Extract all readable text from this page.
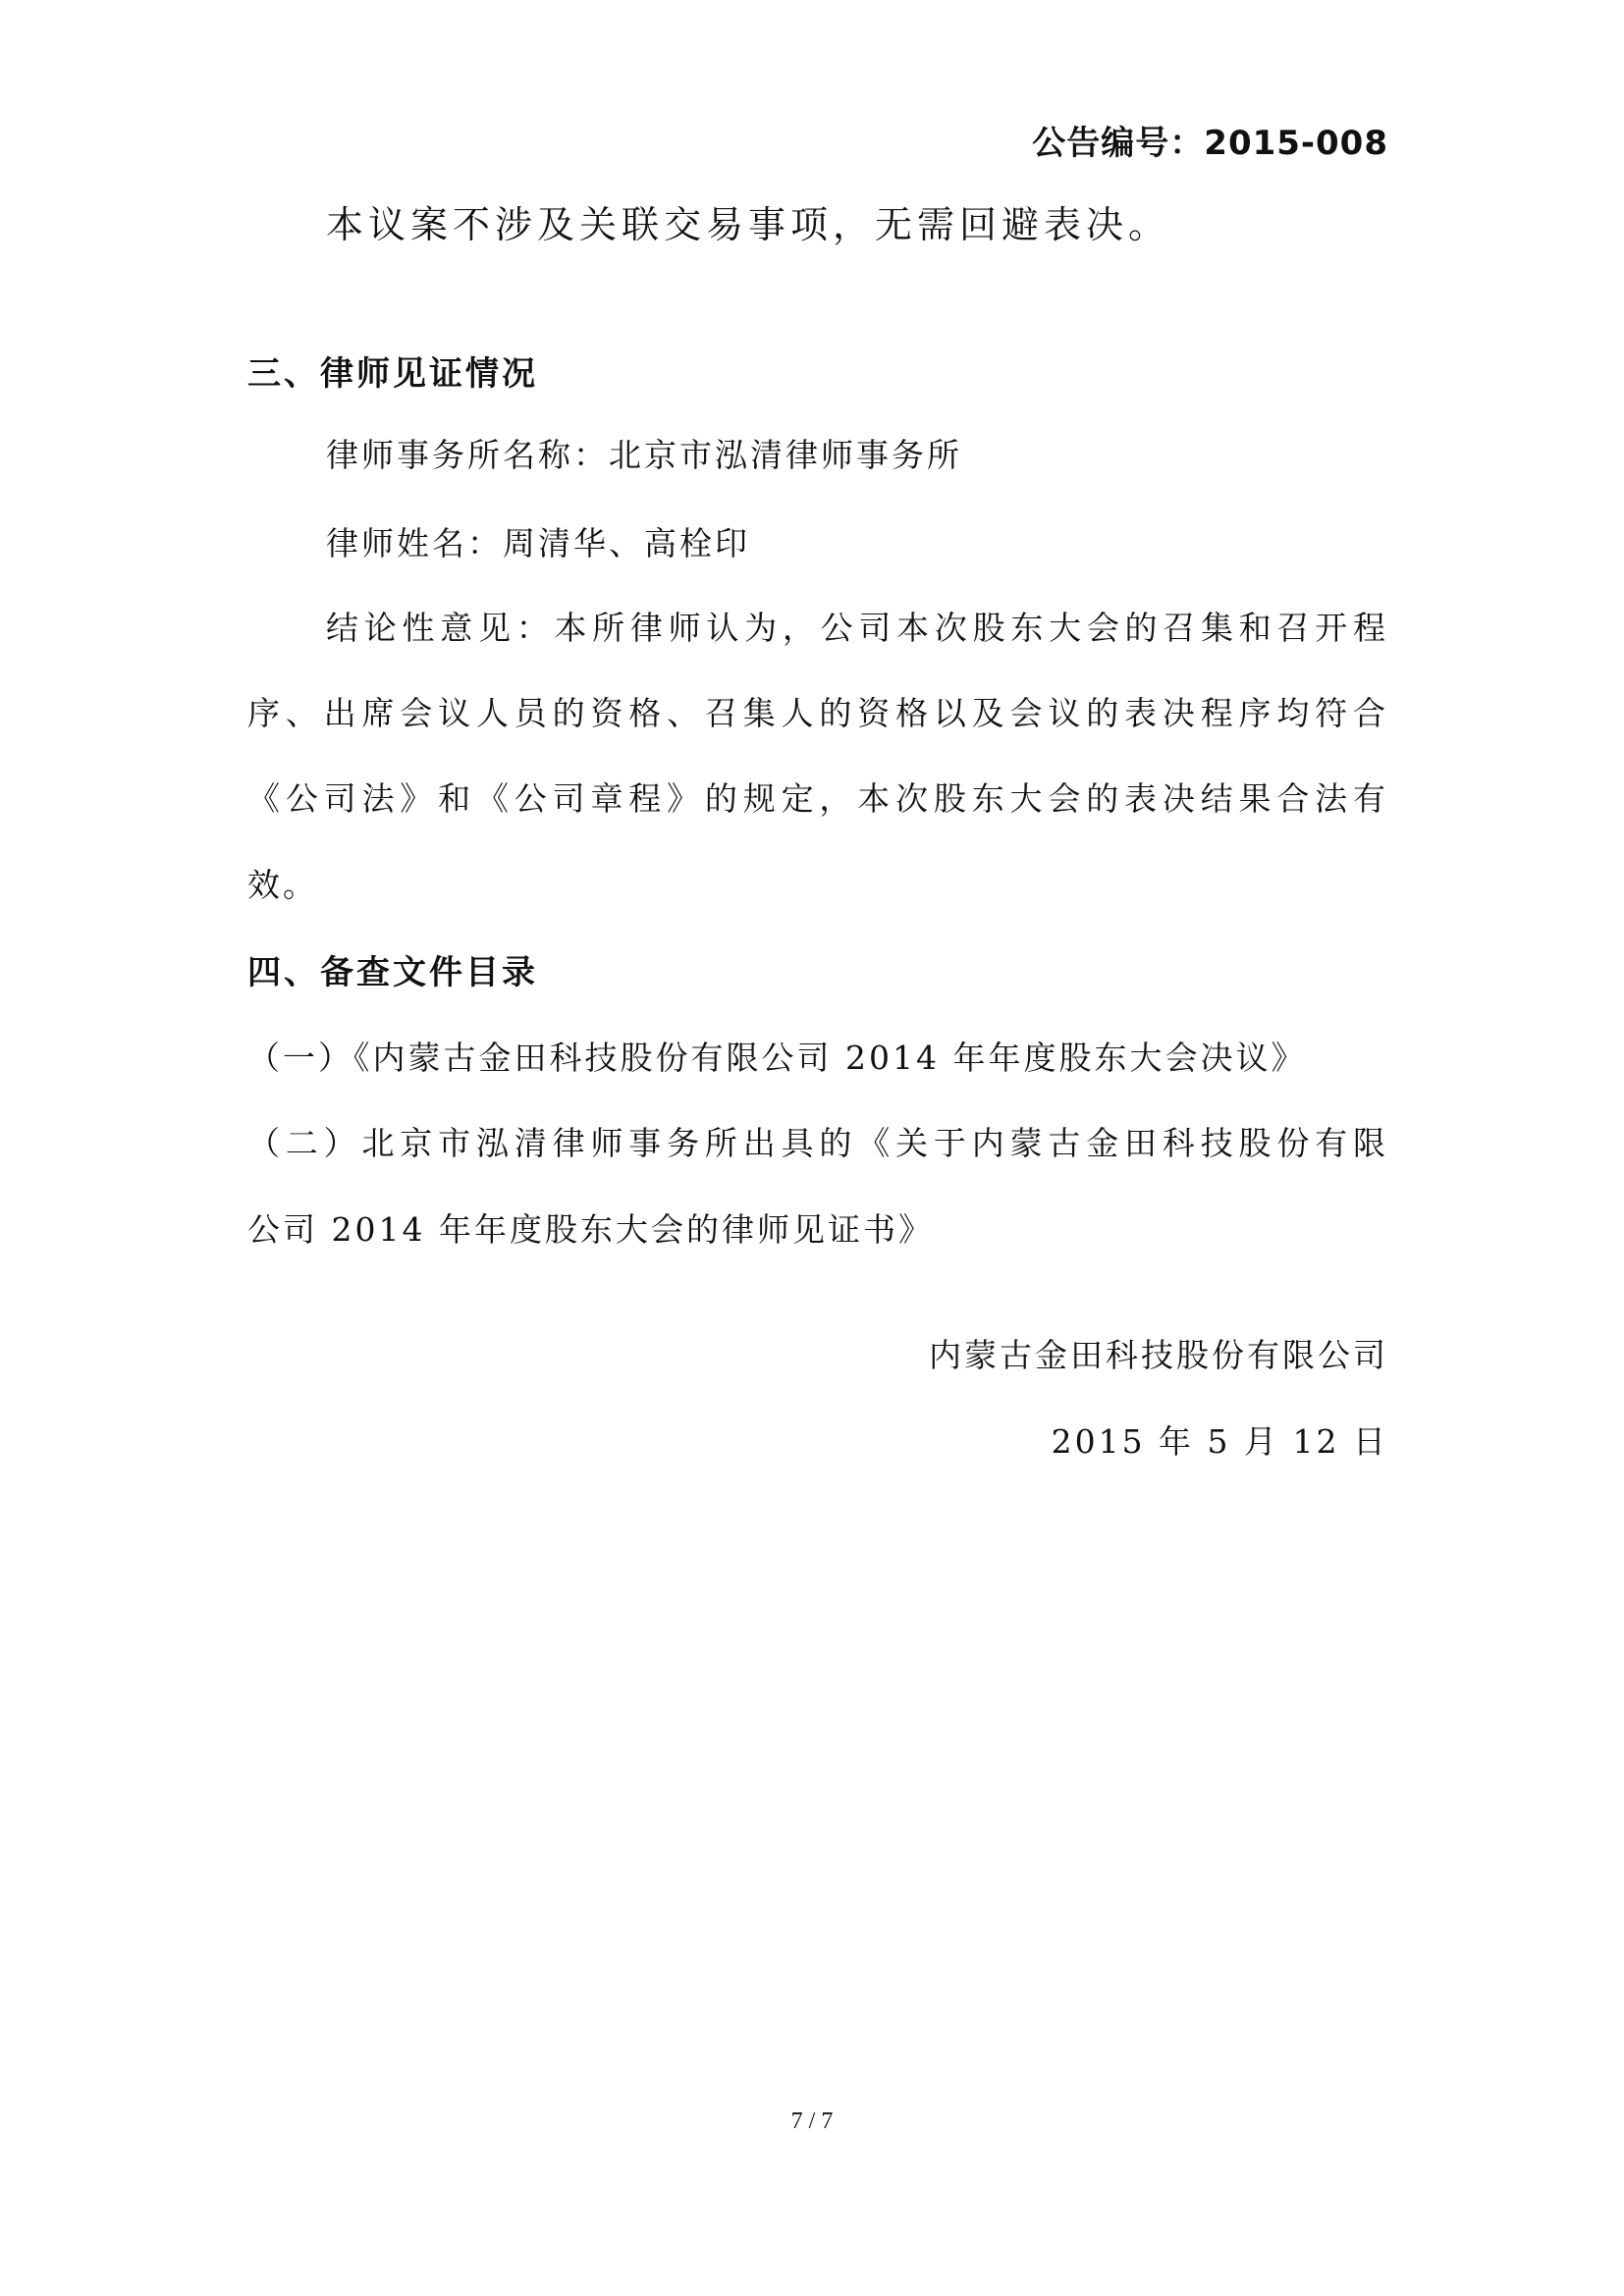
公告编号：2015-008
本议案不涉及关联交易事项，无需回避表决。
三、律师见证情况
律师事务所名称：北京市泓清律师事务所
律师姓名：周清华、高栓印
结论性意见：本所律师认为，公司本次股东大会的召集和召开程
序、出席会议人员的资格、召集人的资格以及会议的表决程序均符合
《公司法》和《公司章程》的规定，本次股东大会的表决结果合法有
效。
四、备查文件目录
（一）《内蒙古金田科技股份有限公司 2014 年年度股东大会决议》
（二）北京市泓清律师事务所出具的《关于内蒙古金田科技股份有限
公司 2014 年年度股东大会的律师见证书》
内蒙古金田科技股份有限公司
2015 年 5 月 12 日
7 / 7
